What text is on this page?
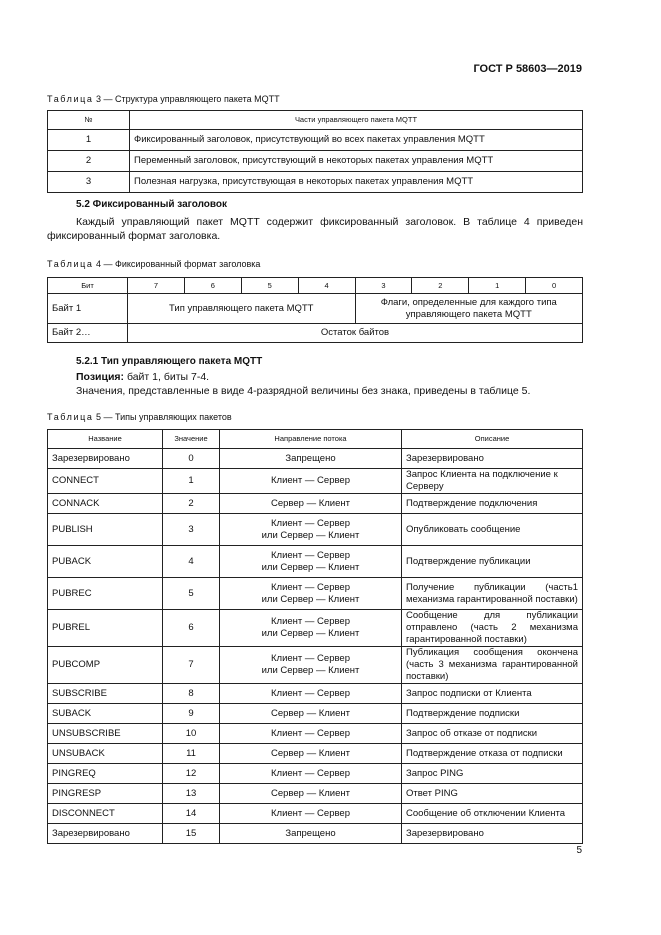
ГОСТ Р 58603—2019
Таблица 3 — Структура управляющего пакета MQTT
№	Части управляющего пакета MQTT
1	Фиксированный заголовок, присутствующий во всех пакетах управления MQTT
2	Переменный заголовок, присутствующий в некоторых пакетах управления MQTT
3	Полезная нагрузка, присутствующая в некоторых пакетах управления MQTT
5.2 Фиксированный заголовок
Каждый управляющий пакет MQTT содержит фиксированный заголовок. В таблице 4 приведен фиксированный формат заголовка.
Таблица 4 — Фиксированный формат заголовка
Бит	7	6	5	4	3	2	1	0
Байт 1	Тип управляющего пакета MQTT				Флаги, определенные для каждого типа управляющего пакета MQTT			
Байт 2…	Остаток байтов							
5.2.1 Тип управляющего пакета MQTT
Позиция: байт 1, биты 7-4.
Значения, представленные в виде 4-разрядной величины без знака, приведены в таблице 5.
Таблица 5 — Типы управляющих пакетов
Название	Значение	Направление потока	Описание
Зарезервировано	0	Запрещено	Зарезервировано
CONNECT	1	Клиент — Сервер	Запрос Клиента на подключение к Серверу
CONNACK	2	Сервер — Клиент	Подтверждение подключения
PUBLISH	3	Клиент — Сервер
или Сервер — Клиент	Опубликовать сообщение
PUBACK	4	Клиент — Сервер
или Сервер — Клиент	Подтверждение публикации
PUBREC	5	Клиент — Сервер
или Сервер — Клиент	Получение публикации (часть1 механизма гарантированной поставки)
PUBREL	6	Клиент — Сервер
или Сервер — Клиент	Сообщение для публикации отправлено (часть 2 механизма гарантированной поставки)
PUBCOMP	7	Клиент — Сервер
или Сервер — Клиент	Публикация сообщения окончена (часть 3 механизма гарантированной поставки)
SUBSCRIBE	8	Клиент — Сервер	Запрос подписки от Клиента
SUBACK	9	Сервер — Клиент	Подтверждение подписки
UNSUBSCRIBE	10	Клиент — Сервер	Запрос об отказе от подписки
UNSUBACK	11	Сервер — Клиент	Подтверждение отказа от подписки
PINGREQ	12	Клиент — Сервер	Запрос PING
PINGRESP	13	Сервер — Клиент	Ответ PING
DISCONNECT	14	Клиент — Сервер	Сообщение об отключении Клиента
Зарезервировано	15	Запрещено	Зарезервировано
5
